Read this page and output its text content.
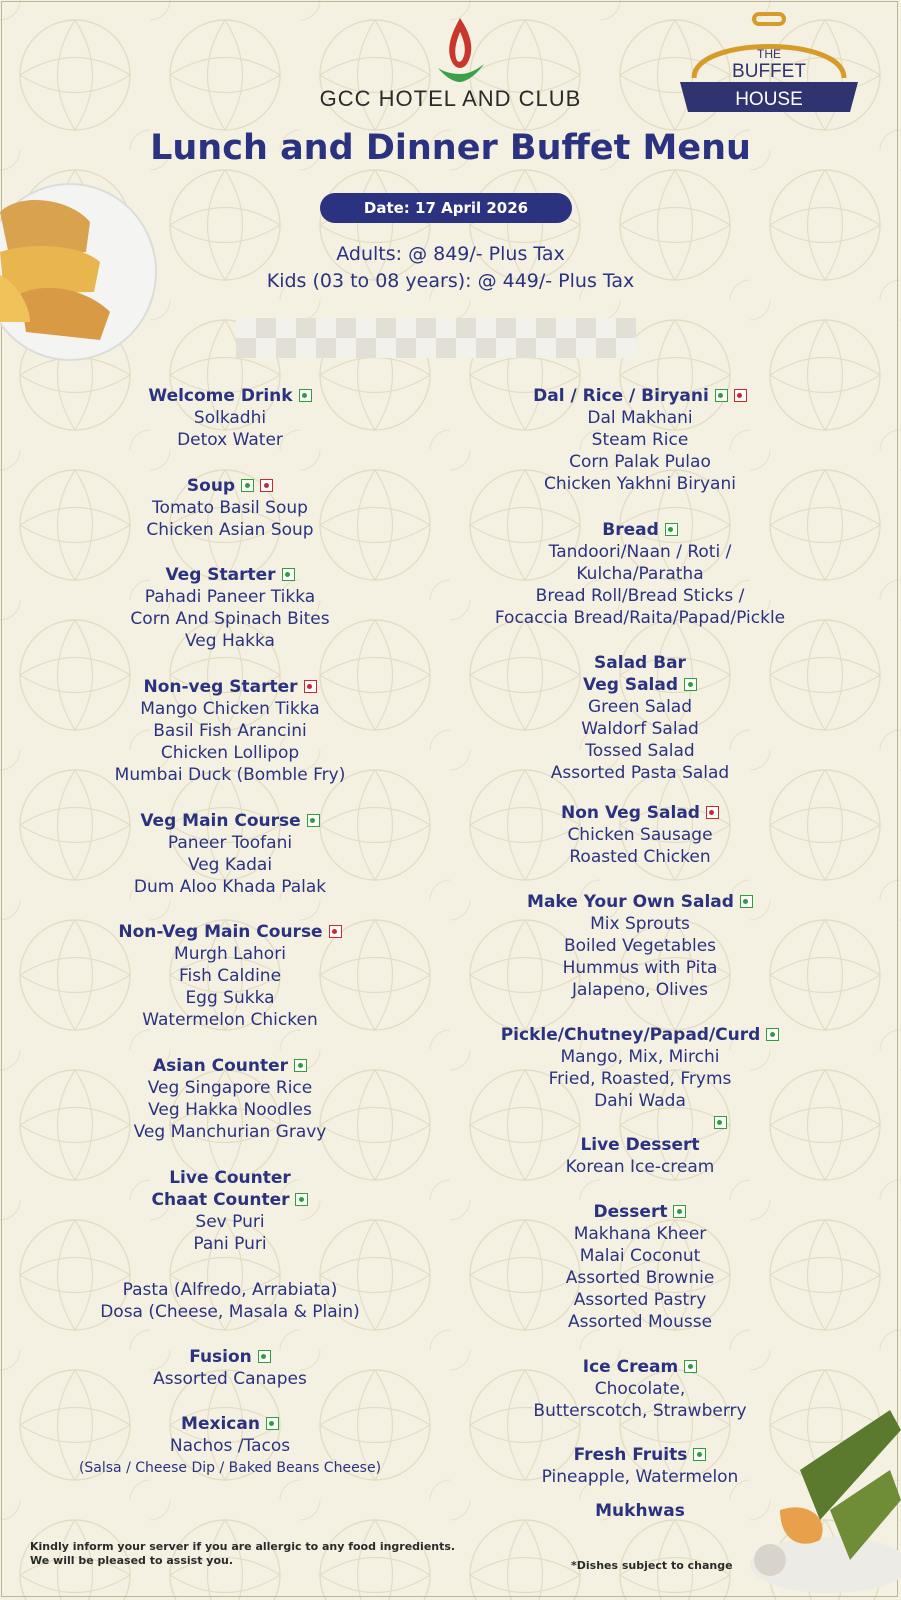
GCC HOTEL AND CLUB
THE
BUFFET
HOUSE
Lunch and Dinner Buffet Menu
Date: 17 April 2026
Adults: @ 849/- Plus Tax
Kids (03 to 08 years): @ 449/- Plus Tax
Welcome Drink
Solkadhi
Detox Water
Soup
Tomato Basil Soup
Chicken Asian Soup
Veg Starter
Pahadi Paneer Tikka
Corn And Spinach Bites
Veg Hakka
Non-veg Starter
Mango Chicken Tikka
Basil Fish Arancini
Chicken Lollipop
Mumbai Duck (Bomble Fry)
Veg Main Course
Paneer Toofani
Veg Kadai
Dum Aloo Khada Palak
Non-Veg Main Course
Murgh Lahori
Fish Caldine
Egg Sukka
Watermelon Chicken
Asian Counter
Veg Singapore Rice
Veg Hakka Noodles
Veg Manchurian Gravy
Live Counter
Chaat Counter
Sev Puri
Pani Puri
Pasta (Alfredo, Arrabiata)
Dosa (Cheese, Masala & Plain)
Fusion
Assorted Canapes
Mexican
Nachos /Tacos
(Salsa / Cheese Dip / Baked Beans Cheese)
Dal / Rice / Biryani
Dal Makhani
Steam Rice
Corn Palak Pulao
Chicken Yakhni Biryani
Bread
Tandoori/Naan / Roti /
Kulcha/Paratha
Bread Roll/Bread Sticks /
Focaccia Bread/Raita/Papad/Pickle
Salad Bar
Veg Salad
Green Salad
Waldorf Salad
Tossed Salad
Assorted Pasta Salad
Non Veg Salad
Chicken Sausage
Roasted Chicken
Make Your Own Salad
Mix Sprouts
Boiled Vegetables
Hummus with Pita
Jalapeno, Olives
Pickle/Chutney/Papad/Curd
Mango, Mix, Mirchi
Fried, Roasted, Fryms
Dahi Wada
Live Dessert
Korean Ice-cream
Dessert
Makhana Kheer
Malai Coconut
Assorted Brownie
Assorted Pastry
Assorted Mousse
Ice Cream
Chocolate,
Butterscotch, Strawberry
Fresh Fruits
Pineapple, Watermelon
Mukhwas
Kindly inform your server if you are allergic to any food ingredients.
We will be pleased to assist you.	*Dishes subject to change
